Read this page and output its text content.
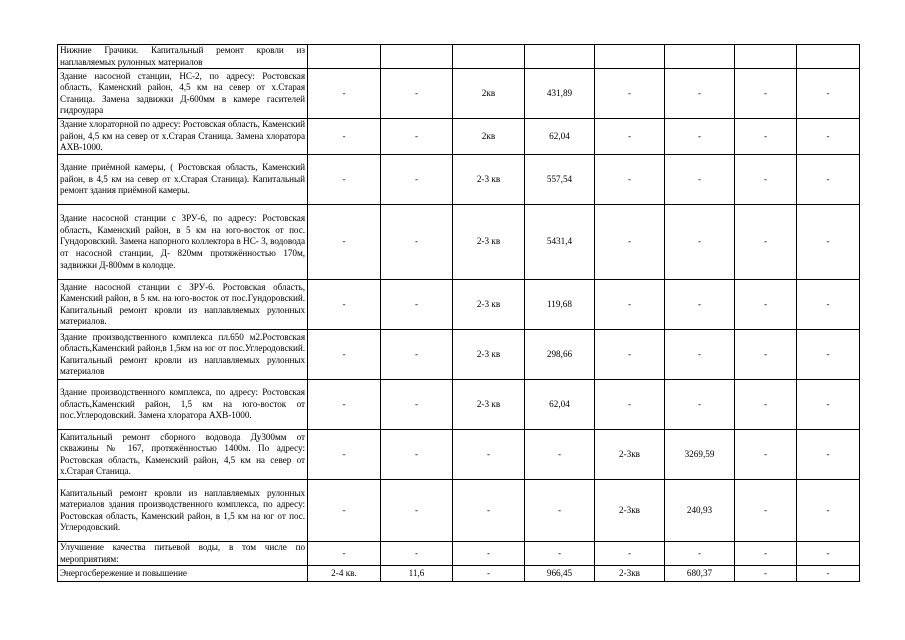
Нижние Грачики. Капитальный ремонт кровли из наплавляемых рулонных материалов								
Здание насосной станции, НС-2, по адресу: Ростовская область, Каменский район, 4,5 км на север от х.Старая Станица. Замена задвижки Д-600мм в камере гасителей гидроудара	-	-	2кв	431,89	-	-	-	-
Здание хлораторной по адресу: Ростовская область, Каменский район, 4,5 км на север от х.Старая Станица. Замена хлоратора АХВ-1000.	-	-	2кв	62,04	-	-	-	-
Здание приёмной камеры, ( Ростовская область, Каменский район, в 4,5 км на север от х.Старая Станица). Капитальный ремонт здания приёмной камеры.	-	-	2-3 кв	557,54	-	-	-	-
Здание насосной станции с ЗРУ-6, по адресу: Ростовская область, Каменский район, в 5 км на юго-восток от пос. Гундоровский. Замена напорного коллектора в НС- 3, водовода от насосной станции, Д- 820мм протяжённостью 170м, задвижки Д-800мм в колодце.	-	-	2-3 кв	5431,4	-	-	-	-
Здание насосной станции с ЗРУ-6. Ростовская область, Каменский район, в 5 км. на юго-восток от пос.Гундоровский. Капитальный ремонт кровли из наплавляемых рулонных материалов.	-	-	2-3 кв	119,68	-	-	-	-
Здание производственного комплекса пл.650 м2.Ростовская область,Каменский район,в 1,5км на юг от пос.Углеродовский. Капитальный ремонт кровли из наплавляемых рулонных материалов	-	-	2-3 кв	298,66	-	-	-	-
Здание производственного комплекса, по адресу: Ростовская область,Каменский район, 1,5 км на юго-восток от пос.Углеродовский. Замена хлоратора АХВ-1000.	-	-	2-3 кв	62,04	-	-	-	-
Капитальный ремонт сборного водовода Ду300мм от скважины № 167, протяжённостью 1400м. По адресу: Ростовская область, Каменский район, 4,5 км на север от х.Старая Станица.	-	-	-	-	2-3кв	3269,59	-	-
Капитальный ремонт кровли из наплавляемых рулонных материалов здания производственного комплекса, по адресу: Ростовская область, Каменский район, в 1,5 км на юг от пос. Углеродовский.	-	-	-	-	2-3кв	240,93	-	-
Улучшение качества питьевой воды, в том числе по мероприятиям:	-	-	-	-	-	-	-	-
Энергосбережение и повышение	2-4 кв.	11,6	-	966,45	2-3кв	680,37	-	-
